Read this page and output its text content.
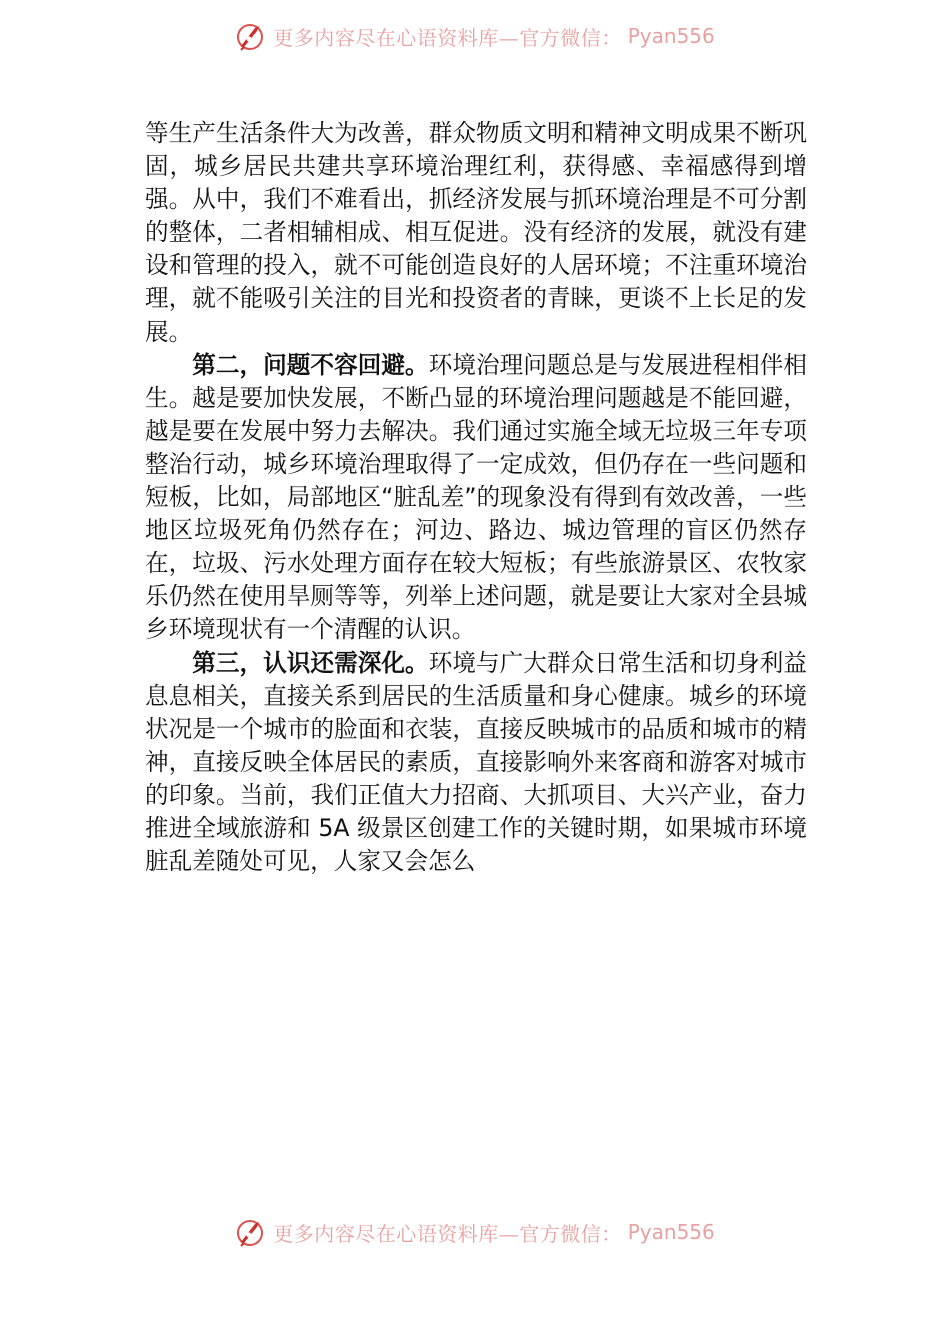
更多内容尽在心语资料库—官方微信： Pyan556

等生产生活条件大为改善，群众物质文明和精神文明成果不断巩固，城乡居民共建共享环境治理红利，获得感、幸福感得到增强。从中，我们不难看出，抓经济发展与抓环境治理是不可分割的整体，二者相辅相成、相互促进。没有经济的发展，就没有建设和管理的投入，就不可能创造良好的人居环境；不注重环境治理，就不能吸引关注的目光和投资者的青睐，更谈不上长足的发展。

第二，问题不容回避。环境治理问题总是与发展进程相伴相生。越是要加快发展，不断凸显的环境治理问题越是不能回避，越是要在发展中努力去解决。我们通过实施全域无垃圾三年专项整治行动，城乡环境治理取得了一定成效，但仍存在一些问题和短板，比如，局部地区“脏乱差”的现象没有得到有效改善，一些地区垃圾死角仍然存在；河边、路边、城边管理的盲区仍然存在，垃圾、污水处理方面存在较大短板；有些旅游景区、农牧家乐仍然在使用旱厕等等，列举上述问题，就是要让大家对全县城乡环境现状有一个清醒的认识。

第三，认识还需深化。环境与广大群众日常生活和切身利益息息相关，直接关系到居民的生活质量和身心健康。城乡的环境状况是一个城市的脸面和衣装，直接反映城市的品质和城市的精神，直接反映全体居民的素质，直接影响外来客商和游客对城市的印象。当前，我们正值大力招商、大抓项目、大兴产业，奋力推进全域旅游和 5A 级景区创建工作的关键时期，如果城市环境脏乱差随处可见，人家又会怎么

更多内容尽在心语资料库—官方微信： Pyan556
